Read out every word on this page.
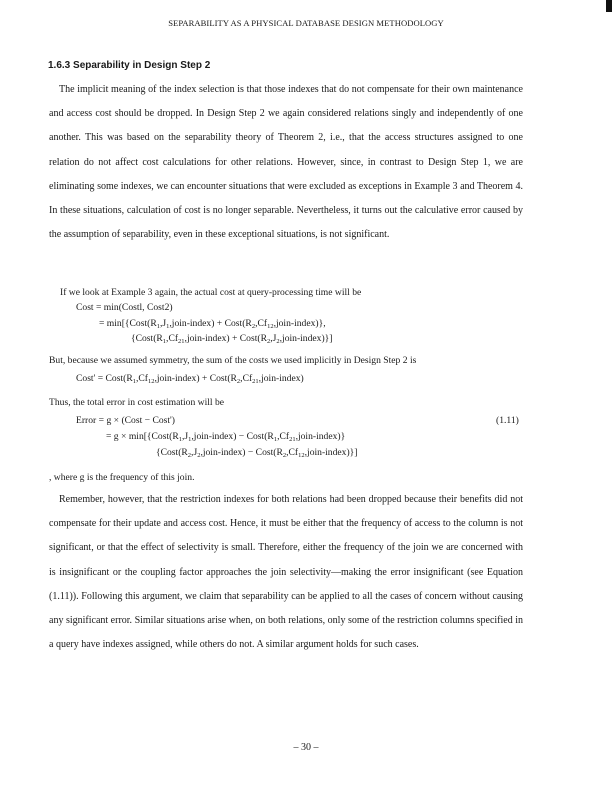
SEPARABILITY AS A PHYSICAL DATABASE DESIGN METHODOLOGY
1.6.3 Separability in Design Step 2
The implicit meaning of the index selection is that those indexes that do not compensate for their own maintenance and access cost should be dropped. In Design Step 2 we again considered relations singly and independently of one another. This was based on the separability theory of Theorem 2, i.e., that the access structures assigned to one relation do not affect cost calculations for other relations. However, since, in contrast to Design Step 1, we are eliminating some indexes, we can encounter situations that were excluded as exceptions in Example 3 and Theorem 4. In these situations, calculation of cost is no longer separable. Nevertheless, it turns out the calculative error caused by the assumption of separability, even in these exceptional situations, is not significant.
If we look at Example 3 again, the actual cost at query-processing time will be
Cost = min(Costl, Cost2)
= $\min[\{Cost(R_1,J_1,join-index)$ + $Cost(R_2,Cf_{12},join-index)$},
{$Cost(R_1,Cf_{21},join-index)$ + $Cost(R_2,J_2,join-index)$}]
But, because we assumed symmetry, the sum of the costs we used implicitly in Design Step 2 is
Cost' = $Cost(R_1,Cf_{12},join-index)$ + $Cost(R_2,Cf_{21},join-index)$
Thus, the total error in cost estimation will be
Error = g × (Cost − Cost')	(1.11)
= $g \times \min[\{Cost(R_1,J_1,join-index)$ − $Cost(R_1,Cf_{21},join-index)$}
{$Cost(R_2,J_2,join-index)$ − $Cost(R_2,Cf_{12},join-index)$}]
, where g is the frequency of this join.
Remember, however, that the restriction indexes for both relations had been dropped because their benefits did not compensate for their update and access cost. Hence, it must be either that the frequency of access to the column is not significant, or that the effect of selectivity is small. Therefore, either the frequency of the join we are concerned with is insignificant or the coupling factor approaches the join selectivity—making the error insignificant (see Equation (1.11)). Following this argument, we claim that separability can be applied to all the cases of concern without causing any significant error. Similar situations arise when, on both relations, only some of the restriction columns specified in a query have indexes assigned, while others do not. A similar argument holds for such cases.
– 30 –
